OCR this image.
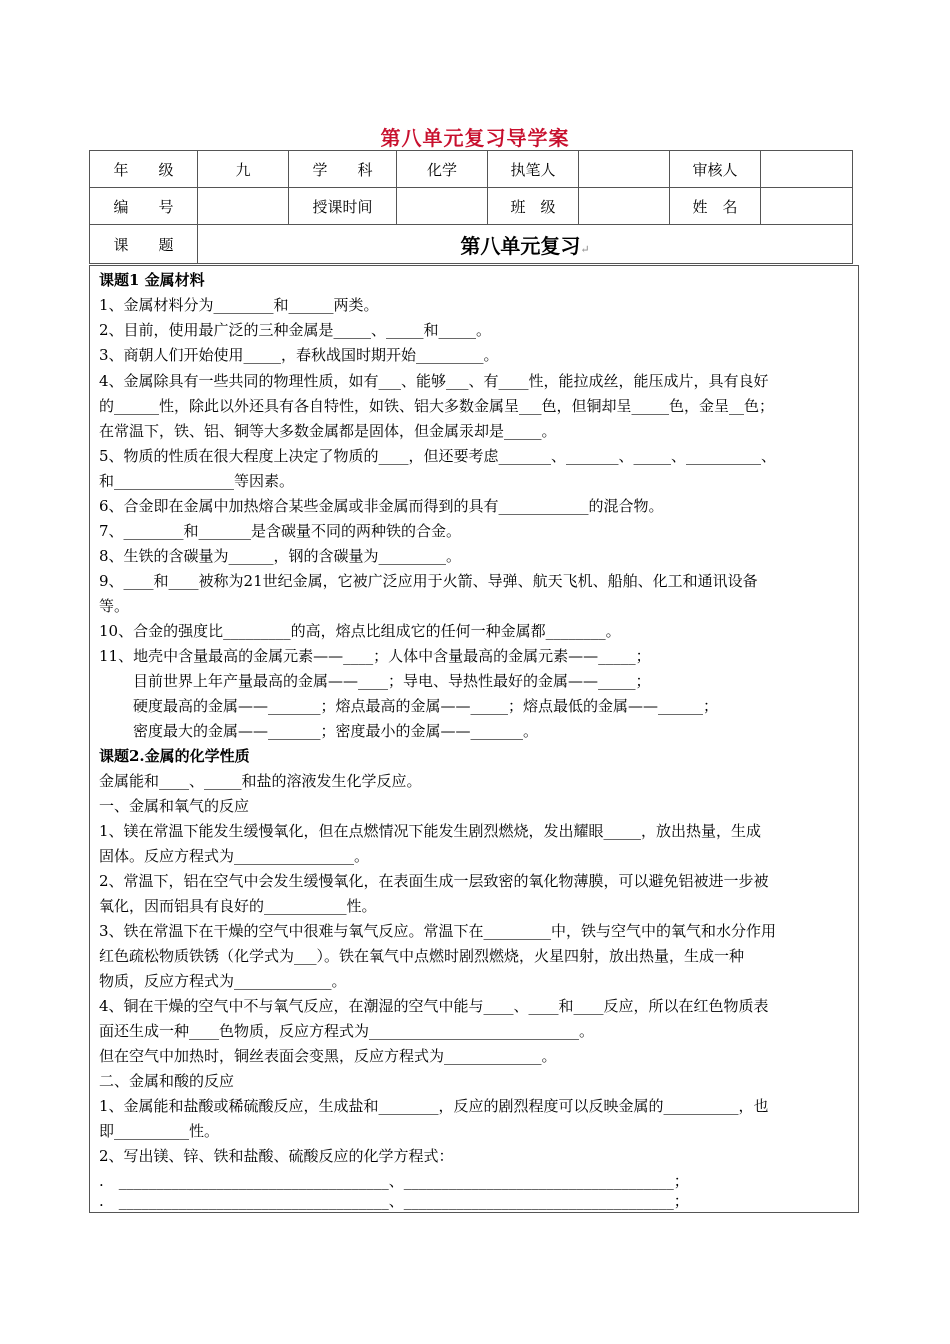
第八单元复习导学案
年　　级	九	学　　科	化学	执笔人		审核人	
编　　号		授课时间		班　级		姓　名	
课　　题	第八单元复习↵						
课题1 金属材料
1、金属材料分为________和______两类。
2、目前，使用最广泛的三种金属是_____、_____和_____。
3、商朝人们开始使用_____，春秋战国时期开始_________。
4、金属除具有一些共同的物理性质，如有___、能够___、有____性，能拉成丝，能压成片，具有良好
的______性，除此以外还具有各自特性，如铁、铝大多数金属呈___色，但铜却呈_____色，金呈__色；
在常温下，铁、铝、铜等大多数金属都是固体，但金属汞却是_____。
5、物质的性质在很大程度上决定了物质的____，但还要考虑_______、_______、_____、__________、
和________________等因素。
6、合金即在金属中加热熔合某些金属或非金属而得到的具有____________的混合物。
7、________和_______是含碳量不同的两种铁的合金。
8、生铁的含碳量为______，钢的含碳量为_________。
9、____和____被称为21世纪金属，它被广泛应用于火箭、导弹、航天飞机、船舶、化工和通讯设备
等。
10、合金的强度比_________的高，熔点比组成它的任何一种金属都________。
11、地壳中含量最高的金属元素——____；人体中含量最高的金属元素——_____；
目前世界上年产量最高的金属——____；导电、导热性最好的金属——_____；
硬度最高的金属——_______；熔点最高的金属——_____；熔点最低的金属——______；
密度最大的金属——_______；密度最小的金属——_______。
课题2.金属的化学性质
金属能和____、_____和盐的溶液发生化学反应。
一、金属和氧气的反应
1、镁在常温下能发生缓慢氧化，但在点燃情况下能发生剧烈燃烧，发出耀眼_____，放出热量，生成
固体。反应方程式为________________。
2、常温下，铝在空气中会发生缓慢氧化，在表面生成一层致密的氧化物薄膜，可以避免铝被进一步被
氧化，因而铝具有良好的___________性。
3、铁在常温下在干燥的空气中很难与氧气反应。常温下在_________中，铁与空气中的氧气和水分作用
红色疏松物质铁锈（化学式为___）。铁在氧气中点燃时剧烈燃烧，火星四射，放出热量，生成一种
物质，反应方程式为_____________。
4、铜在干燥的空气中不与氧气反应，在潮湿的空气中能与____、____和____反应，所以在红色物质表
面还生成一种____色物质，反应方程式为____________________________。
但在空气中加热时，铜丝表面会变黑，反应方程式为_____________。
二、金属和酸的反应
1、金属能和盐酸或稀硫酸反应，生成盐和________，反应的剧烈程度可以反映金属的__________，也
即__________性。
2、写出镁、锌、铁和盐酸、硫酸反应的化学方程式：
.　____________________________________、____________________________________；
.　____________________________________、____________________________________；
